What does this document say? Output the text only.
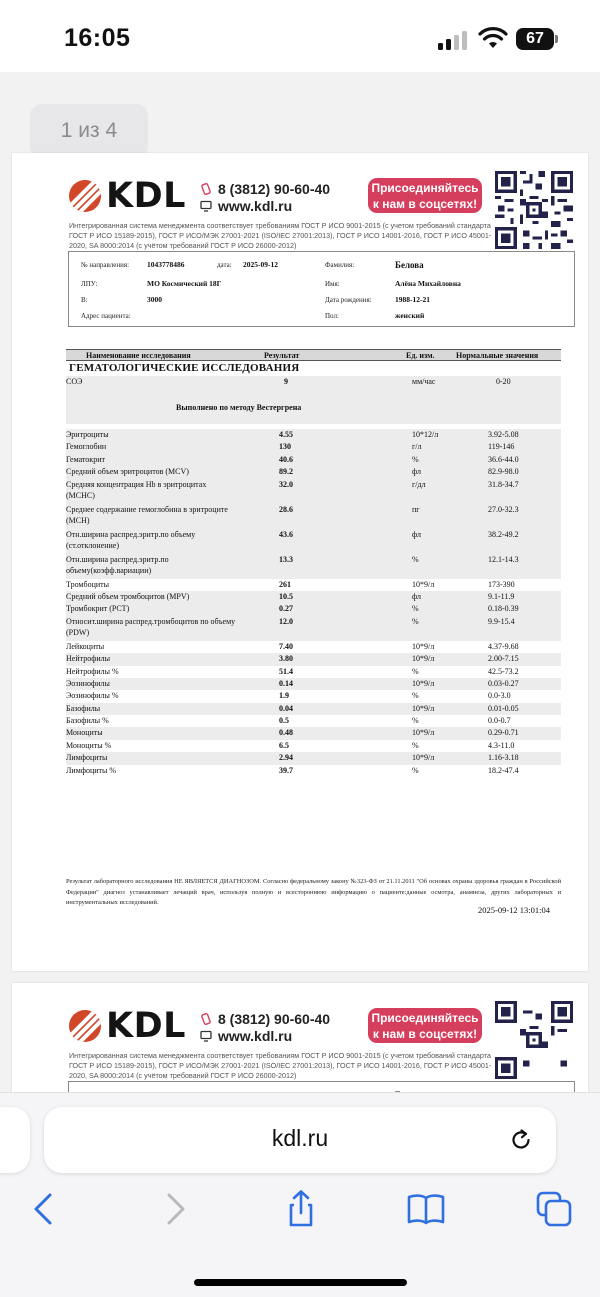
16:05	67
1 из 4
KDL	8 (3812) 90-60-40
www.kdl.ru
Присоединяйтесь
к нам в соцсетях!
Интегрированная система менеджмента соответствует требованиям ГОСТ Р ИСО 9001-2015 (с учетом требований стандарта ГОСТ Р ИСО 15189-2015), ГОСТ Р ИСО/МЭК 27001-2021 (ISO/IEC 27001:2013), ГОСТ Р ИСО 14001-2016, ГОСТ Р ИСО 45001-2020, SA 8000:2014 (с учётом требований ГОСТ Р ИСО 26000-2012)
№ направления: 1043778486	дата: 2025-09-12
ЛПУ:	МО Космический 18Г
В:	3000
Адрес пациента:
Фамилия:	Белова
Имя:	Алёна Михайловна
Дата рождения:	1988-12-21
Пол:	женский
Наименование исследования	Результат	Ед. изм.	Нормальные значения
ГЕМАТОЛОГИЧЕСКИЕ ИССЛЕДОВАНИЯ
СОЭ	9	мм/час	0-20
Выполнено по методу Вестергрена
Эритроциты	4.55	10*12/л	3.92-5.08
Гемоглобин	130	г/л	119-146
Гематокрит	40.6	%	36.6-44.0
Средний объем эритроцитов (MCV)	89.2	фл	82.9-98.0
Средняя концентрация Hb в эритроцитах (MCHC)
32.0	г/дл	31.8-34.7
Среднее содержание гемоглобина в эритроците (MCH)
28.6	пг	27.0-32.3
Отн.ширина распред.эритр.по объему (ст.отклонение)
43.6	фл	38.2-49.2
Отн.ширина распред.эритр.по объему(коэфф.вариации)
13.3	%	12.1-14.3
Тромбоциты	261	10*9/л	173-390
Средний объем тромбоцитов (MPV)	10.5	фл	9.1-11.9
Тромбокрит (PCT)	0.27	%	0.18-0.39
Относит.ширина распред.тромбоцитов по объему (PDW)
12.0	%	9.9-15.4
Лейкоциты	7.40	10*9/л	4.37-9.68
Нейтрофилы	3.80	10*9/л	2.00-7.15
Нейтрофилы %	51.4	%	42.5-73.2
Эозинофилы	0.14	10*9/л	0.03-0.27
Эозинофилы %	1.9	%	0.0-3.0
Базофилы	0.04	10*9/л	0.01-0.05
Базофилы %	0.5	%	0.0-0.7
Моноциты	0.48	10*9/л	0.29-0.71
Моноциты %	6.5	%	4.3-11.0
Лимфоциты	2.94	10*9/л	1.16-3.18
Лимфоциты %	39.7	%	18.2-47.4
Результат лабораторного исследования НЕ ЯВЛЯЕТСЯ ДИАГНОЗОМ. Согласно федеральному закону №323-ФЗ от 21.11.2011 "Об основах охраны здоровья граждан в Российской Федерации" диагноз устанавливает лечащий врач, используя полную и всестороннюю информацию о пациенте:данные осмотра, анамнеза, других лабораторных и инструментальных исследований.
2025-09-12 13:01:04
KDL	8 (3812) 90-60-40
www.kdl.ru
Присоединяйтесь
к нам в соцсетях!
Интегрированная система менеджмента соответствует требованиям ГОСТ Р ИСО 9001-2015 (с учетом требований стандарта ГОСТ Р ИСО 15189-2015), ГОСТ Р ИСО/МЭК 27001-2021 (ISO/IEC 27001:2013), ГОСТ Р ИСО 14001-2016, ГОСТ Р ИСО 45001-2020, SA 8000:2014 (с учётом требований ГОСТ Р ИСО 26000-2012)
kdl.ru
